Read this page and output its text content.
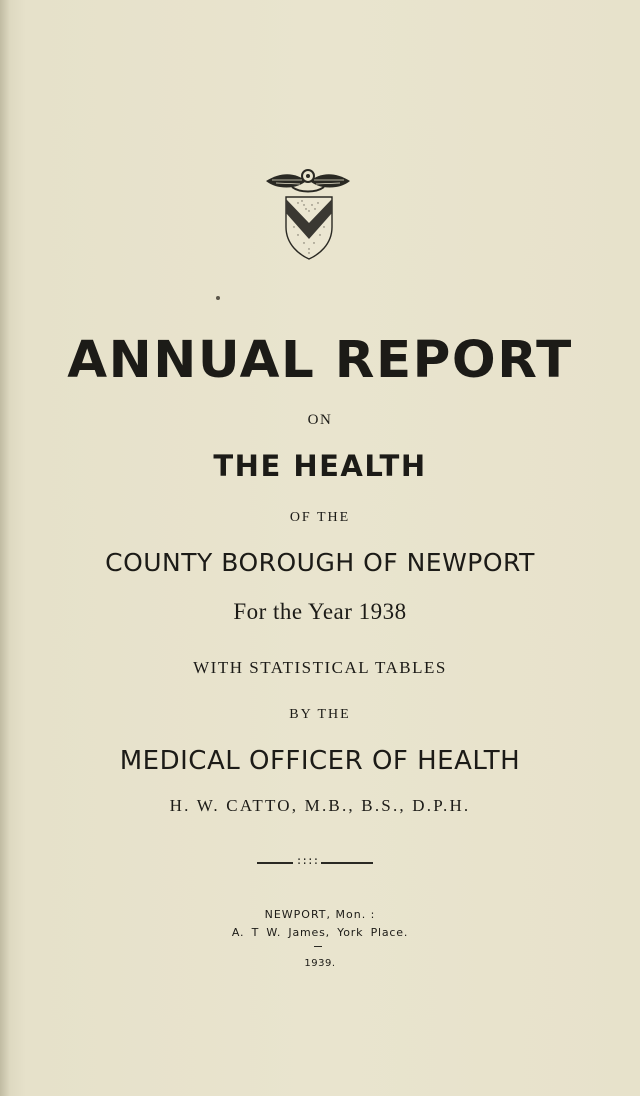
ANNUAL REPORT
ON
THE HEALTH
OF THE
COUNTY BOROUGH OF NEWPORT
For the Year 1938
WITH STATISTICAL TABLES
BY THE
MEDICAL OFFICER OF HEALTH
H. W. CATTO, M.B., B.S., D.P.H.
::::
NEWPORT, Mon. :
A. T W. James, York Place.
1939.
